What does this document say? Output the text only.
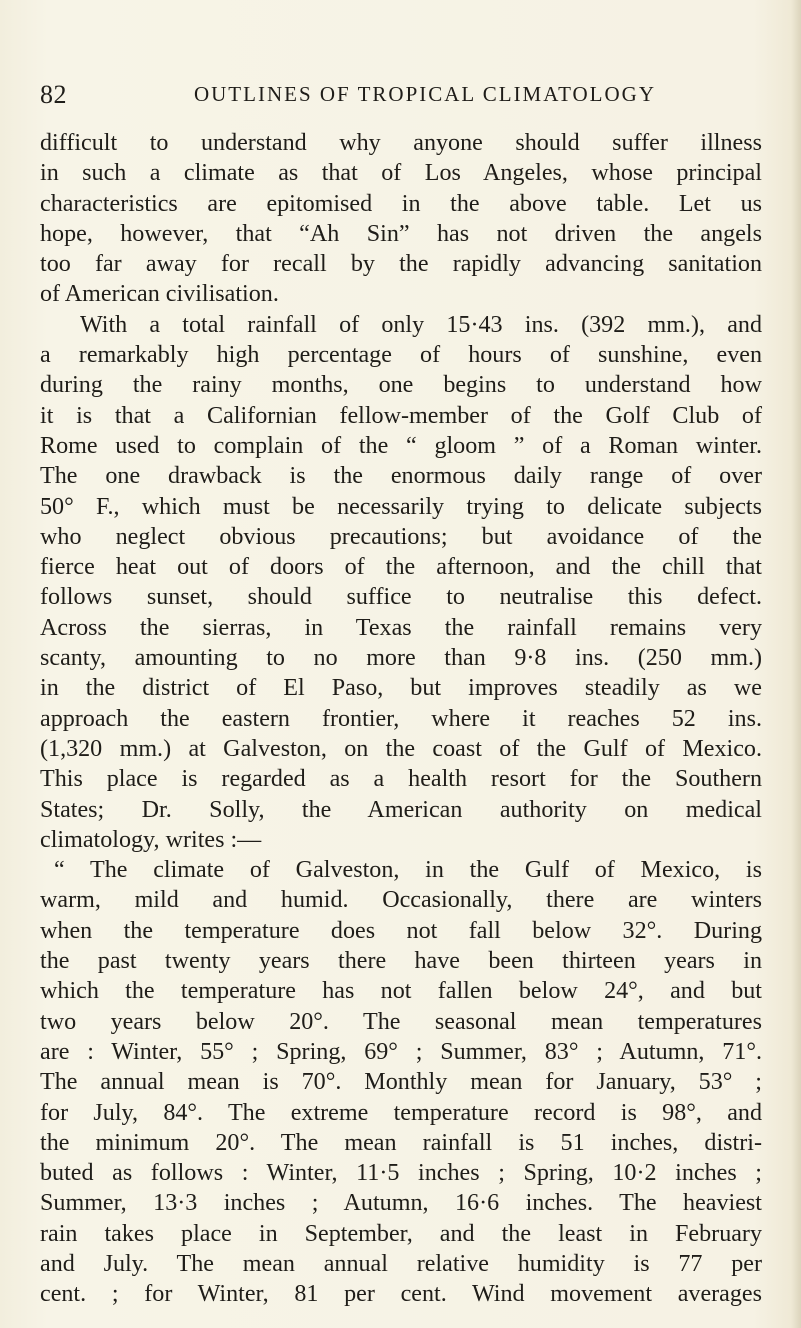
82	OUTLINES OF TROPICAL CLIMATOLOGY
difficult to understand why anyone should suffer illness
in such a climate as that of Los Angeles, whose principal
characteristics are epitomised in the above table. Let us
hope, however, that “Ah Sin” has not driven the angels
too far away for recall by the rapidly advancing sanitation
of American civilisation.
With a total rainfall of only 15·43 ins. (392 mm.), and
a remarkably high percentage of hours of sunshine, even
during the rainy months, one begins to understand how
it is that a Californian fellow-member of the Golf Club of
Rome used to complain of the “ gloom ” of a Roman winter.
The one drawback is the enormous daily range of over
50° F., which must be necessarily trying to delicate subjects
who neglect obvious precautions; but avoidance of the
fierce heat out of doors of the afternoon, and the chill that
follows sunset, should suffice to neutralise this defect.
Across the sierras, in Texas the rainfall remains very
scanty, amounting to no more than 9·8 ins. (250 mm.)
in the district of El Paso, but improves steadily as we
approach the eastern frontier, where it reaches 52 ins.
(1,320 mm.) at Galveston, on the coast of the Gulf of Mexico.
This place is regarded as a health resort for the Southern
States; Dr. Solly, the American authority on medical
climatology, writes :—
“ The climate of Galveston, in the Gulf of Mexico, is
warm, mild and humid. Occasionally, there are winters
when the temperature does not fall below 32°. During
the past twenty years there have been thirteen years in
which the temperature has not fallen below 24°, and but
two years below 20°. The seasonal mean temperatures
are : Winter, 55° ; Spring, 69° ; Summer, 83° ; Autumn, 71°.
The annual mean is 70°. Monthly mean for January, 53° ;
for July, 84°. The extreme temperature record is 98°, and
the minimum 20°. The mean rainfall is 51 inches, distri-
buted as follows : Winter, 11·5 inches ; Spring, 10·2 inches ;
Summer, 13·3 inches ; Autumn, 16·6 inches. The heaviest
rain takes place in September, and the least in February
and July. The mean annual relative humidity is 77 per
cent. ; for Winter, 81 per cent. Wind movement averages
